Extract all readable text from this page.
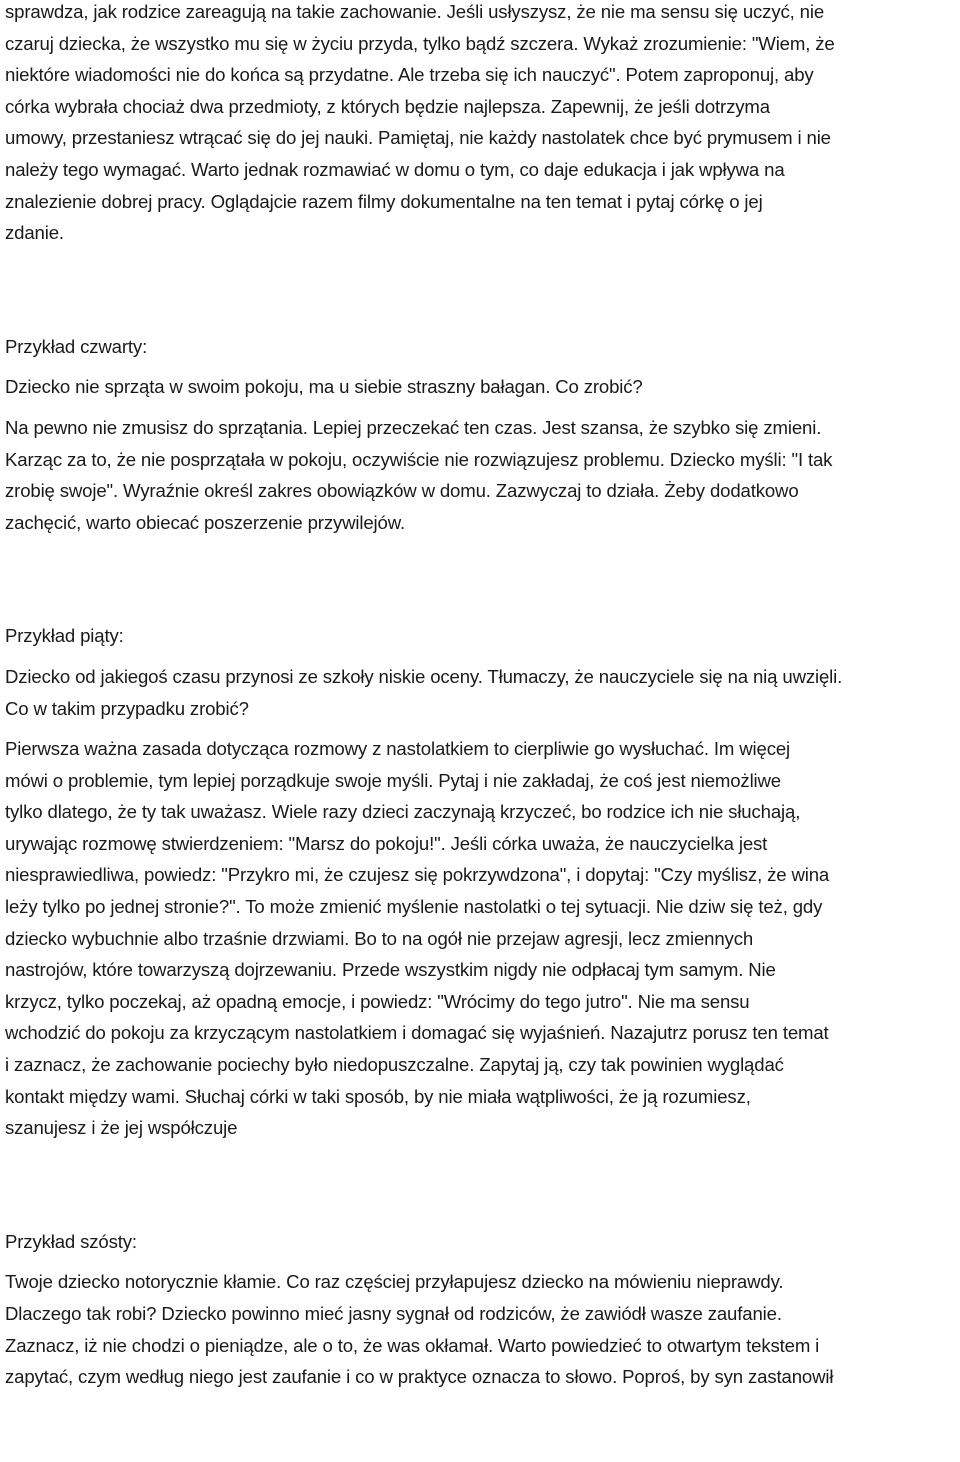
sprawdza, jak rodzice zareagują na takie zachowanie. Jeśli usłyszysz, że nie ma sensu się uczyć, nie
czaruj dziecka, że wszystko mu się w życiu przyda, tylko bądź szczera. Wykaż zrozumienie: "Wiem, że
niektóre wiadomości nie do końca są przydatne. Ale trzeba się ich nauczyć". Potem zaproponuj, aby
córka wybrała chociaż dwa przedmioty, z których będzie najlepsza. Zapewnij, że jeśli dotrzyma
umowy, przestaniesz wtrącać się do jej nauki. Pamiętaj, nie każdy nastolatek chce być prymusem i nie
należy tego wymagać. Warto jednak rozmawiać w domu o tym, co daje edukacja i jak wpływa na
znalezienie dobrej pracy. Oglądajcie razem filmy dokumentalne na ten temat i pytaj córkę o jej
zdanie.

Przykład czwarty:

Dziecko nie sprząta w swoim pokoju, ma u siebie straszny bałagan. Co zrobić?

Na pewno nie zmusisz do sprzątania. Lepiej przeczekać ten czas. Jest szansa, że szybko się zmieni.
Karząc za to, że nie posprzątała w pokoju, oczywiście nie rozwiązujesz problemu. Dziecko myśli: "I tak
zrobię swoje". Wyraźnie określ zakres obowiązków w domu. Zazwyczaj to działa. Żeby dodatkowo
zachęcić, warto obiecać poszerzenie przywilejów.

Przykład piąty:

Dziecko od jakiegoś czasu przynosi ze szkoły niskie oceny. Tłumaczy, że nauczyciele się na nią uwzięli.
Co w takim przypadku zrobić?

Pierwsza ważna zasada dotycząca rozmowy z nastolatkiem to cierpliwie go wysłuchać. Im więcej
mówi o problemie, tym lepiej porządkuje swoje myśli. Pytaj i nie zakładaj, że coś jest niemożliwe
tylko dlatego, że ty tak uważasz. Wiele razy dzieci zaczynają krzyczeć, bo rodzice ich nie słuchają,
urywając rozmowę stwierdzeniem: "Marsz do pokoju!". Jeśli córka uważa, że nauczycielka jest
niesprawiedliwa, powiedz: "Przykro mi, że czujesz się pokrzywdzona", i dopytaj: "Czy myślisz, że wina
leży tylko po jednej stronie?". To może zmienić myślenie nastolatki o tej sytuacji. Nie dziw się też, gdy
dziecko wybuchnie albo trzaśnie drzwiami. Bo to na ogół nie przejaw agresji, lecz zmiennych
nastrojów, które towarzyszą dojrzewaniu. Przede wszystkim nigdy nie odpłacaj tym samym. Nie
krzycz, tylko poczekaj, aż opadną emocje, i powiedz: "Wrócimy do tego jutro". Nie ma sensu
wchodzić do pokoju za krzyczącym nastolatkiem i domagać się wyjaśnień. Nazajutrz porusz ten temat
i zaznacz, że zachowanie pociechy było niedopuszczalne. Zapytaj ją, czy tak powinien wyglądać
kontakt między wami. Słuchaj córki w taki sposób, by nie miała wątpliwości, że ją rozumiesz,
szanujesz i że jej współczuje

Przykład szósty:

Twoje dziecko notorycznie kłamie. Co raz częściej przyłapujesz dziecko na mówieniu nieprawdy.
Dlaczego tak robi? Dziecko powinno mieć jasny sygnał od rodziców, że zawiódł wasze zaufanie.
Zaznacz, iż nie chodzi o pieniądze, ale o to, że was okłamał. Warto powiedzieć to otwartym tekstem i
zapytać, czym według niego jest zaufanie i co w praktyce oznacza to słowo. Poproś, by syn zastanowił
